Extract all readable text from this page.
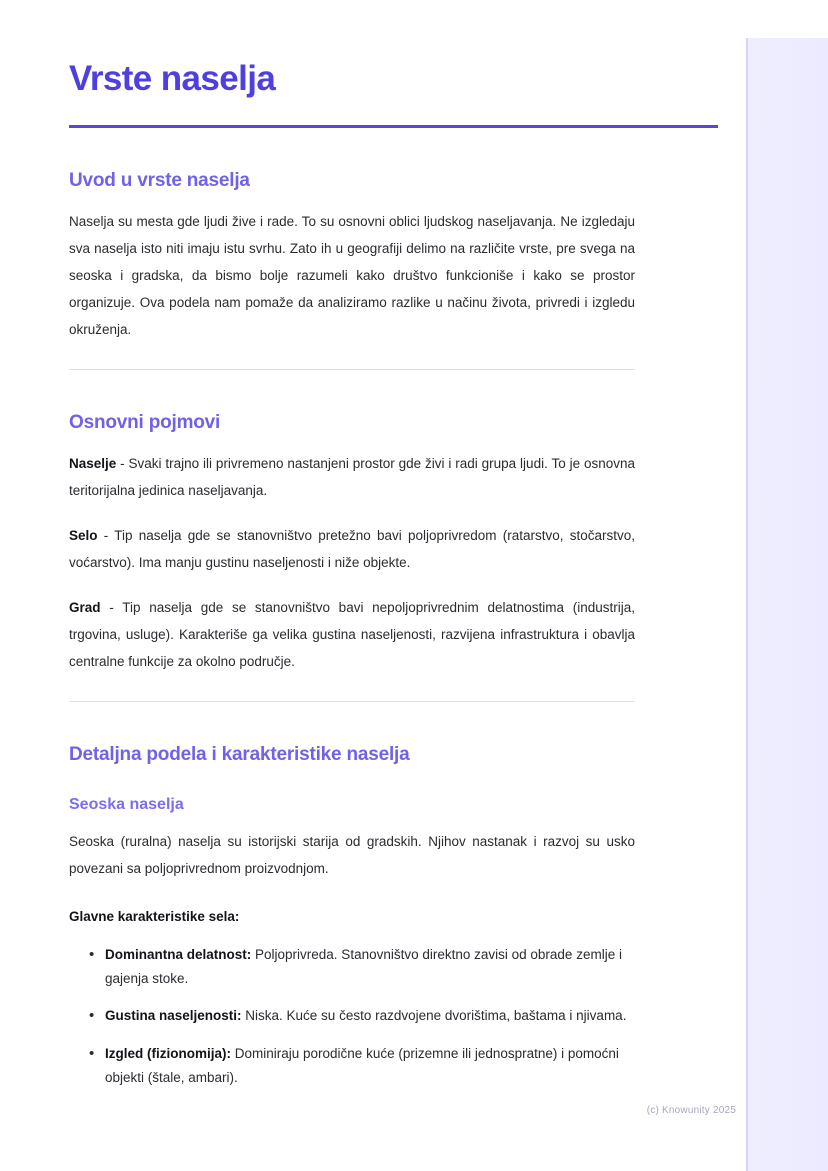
Vrste naselja
Uvod u vrste naselja

Naselja su mesta gde ljudi žive i rade. To su osnovni oblici ljudskog naseljavanja. Ne izgledaju sva naselja isto niti imaju istu svrhu. Zato ih u geografiji delimo na različite vrste, pre svega na seoska i gradska, da bismo bolje razumeli kako društvo funkcioniše i kako se prostor organizuje. Ova podela nam pomaže da analiziramo razlike u načinu života, privredi i izgledu okruženja.

Osnovni pojmovi

Naselje - Svaki trajno ili privremeno nastanjeni prostor gde živi i radi grupa ljudi. To je osnovna teritorijalna jedinica naseljavanja.

Selo - Tip naselja gde se stanovništvo pretežno bavi poljoprivredom (ratarstvo, stočarstvo, voćarstvo). Ima manju gustinu naseljenosti i niže objekte.

Grad - Tip naselja gde se stanovništvo bavi nepoljoprivrednim delatnostima (industrija, trgovina, usluge). Karakteriše ga velika gustina naseljenosti, razvijena infrastruktura i obavlja centralne funkcije za okolno područje.

Detaljna podela i karakteristike naselja
Seoska naselja

Seoska (ruralna) naselja su istorijski starija od gradskih. Njihov nastanak i razvoj su usko povezani sa poljoprivrednom proizvodnjom.

Glavne karakteristike sela:

• Dominantna delatnost: Poljoprivreda. Stanovništvo direktno zavisi od obrade zemlje i gajenja stoke.
• Gustina naseljenosti: Niska. Kuće su često razdvojene dvorištima, baštama i njivama.
• Izgled (fizionomija): Dominiraju porodične kuće (prizemne ili jednospratne) i pomoćni objekti (štale, ambari).
(c) Knowunity 2025
